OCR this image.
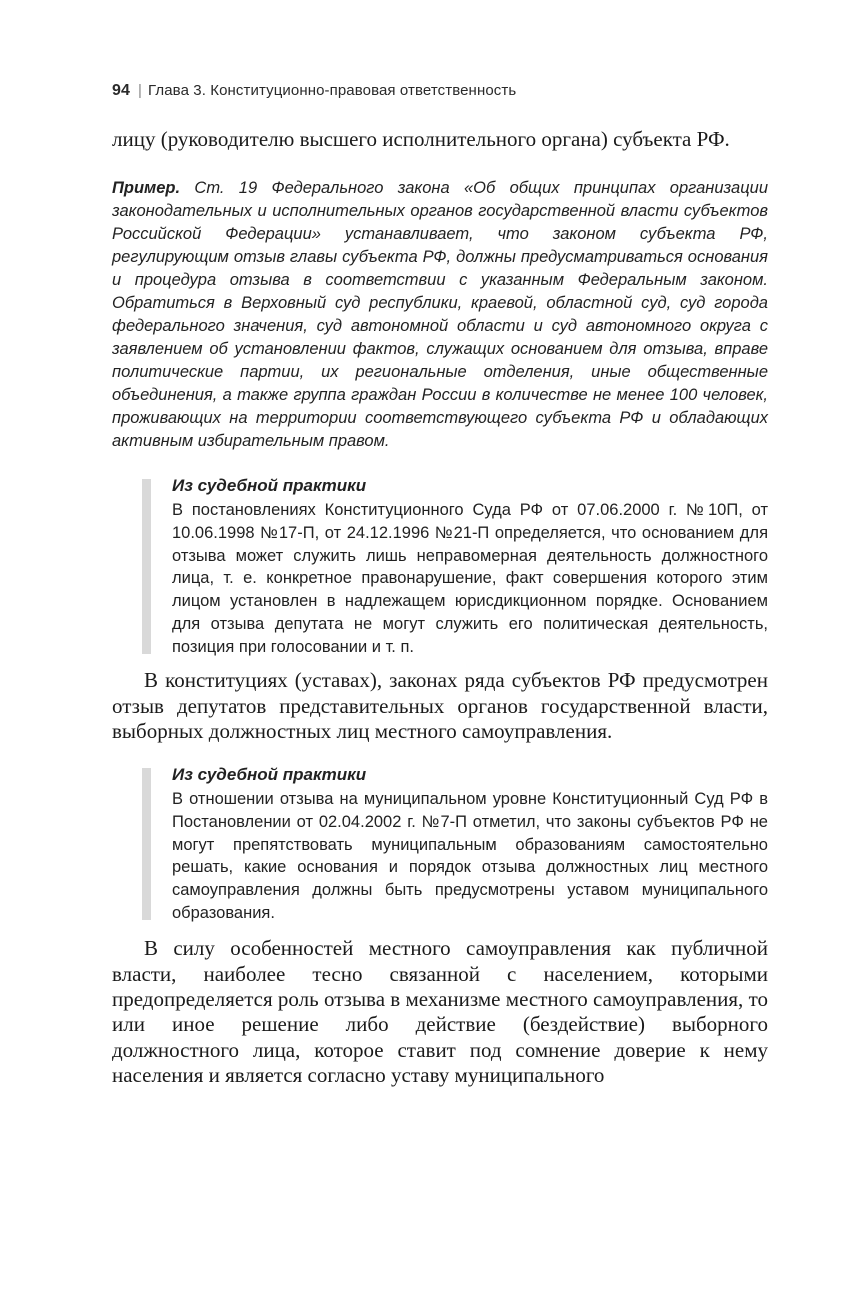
94 | Глава 3. Конституционно-правовая ответственность

лицу (руководителю высшего исполнительного органа) субъекта РФ.

Пример. Ст. 19 Федерального закона «Об общих принципах организации законодательных и исполнительных органов государственной власти субъектов Российской Федерации» устанавливает, что законом субъекта РФ, регулирующим отзыв главы субъекта РФ, должны предусматриваться основания и процедура отзыва в соответствии с указанным Федеральным законом. Обратиться в Верховный суд республики, краевой, областной суд, суд города федерального значения, суд автономной области и суд автономного округа с заявлением об установлении фактов, служащих основанием для отзыва, вправе политические партии, их региональные отделения, иные общественные объединения, а также группа граждан России в количестве не менее 100 человек, проживающих на территории соответствующего субъекта РФ и обладающих активным избирательным правом.

Из судебной практики

В постановлениях Конституционного Суда РФ от 07.06.2000 г. №10П, от 10.06.1998 №17-П, от 24.12.1996 №21-П определяется, что основанием для отзыва может служить лишь неправомерная деятельность должностного лица, т. е. конкретное правонарушение, факт совершения которого этим лицом установлен в надлежащем юрисдикционном порядке. Основанием для отзыва депутата не могут служить его политическая деятельность, позиция при голосовании и т. п.

В конституциях (уставах), законах ряда субъектов РФ предусмотрен отзыв депутатов представительных органов государственной власти, выборных должностных лиц местного самоуправления.

Из судебной практики

В отношении отзыва на муниципальном уровне Конституционный Суд РФ в Постановлении от 02.04.2002 г. №7-П отметил, что законы субъектов РФ не могут препятствовать муниципальным образованиям самостоятельно решать, какие основания и порядок отзыва должностных лиц местного самоуправления должны быть предусмотрены уставом муниципального образования.

В силу особенностей местного самоуправления как публичной власти, наиболее тесно связанной с населением, которыми предопределяется роль отзыва в механизме местного самоуправления, то или иное решение либо действие (бездействие) выборного должностного лица, которое ставит под сомнение доверие к нему населения и является согласно уставу муниципального
